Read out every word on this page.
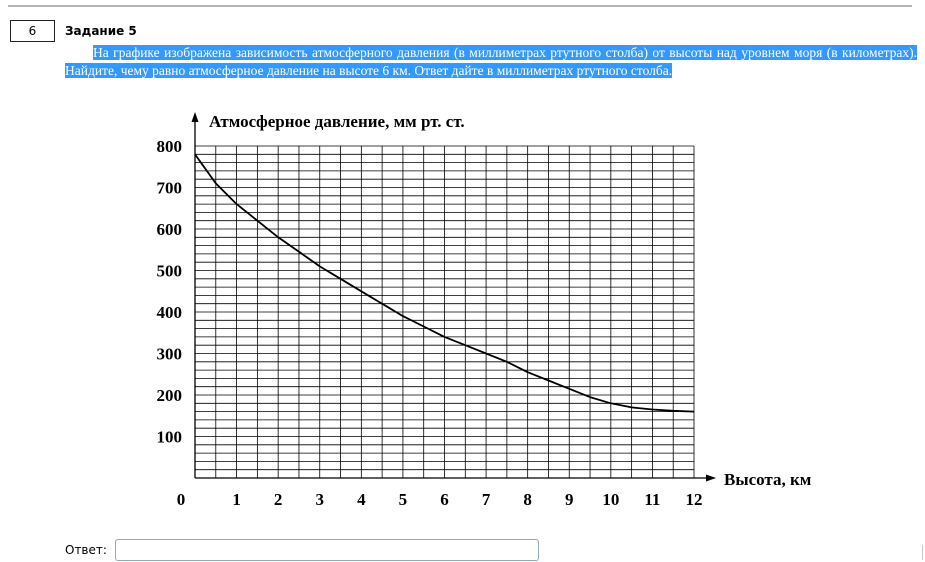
6	Задание 5

На графике изображена зависимость атмосферного давления (в миллиметрах ртутного столба) от высоты над уровнем моря (в километрах). Найдите, чему равно атмосферное давление на высоте 6 км. Ответ дайте в миллиметрах ртутного столба.

0	1 2 3 4 5 6 7 8 9 10 11 12
100
200
300
400
500
600
700
800
Атмосферное давление, мм рт. ст.
Высота, км
Ответ:
